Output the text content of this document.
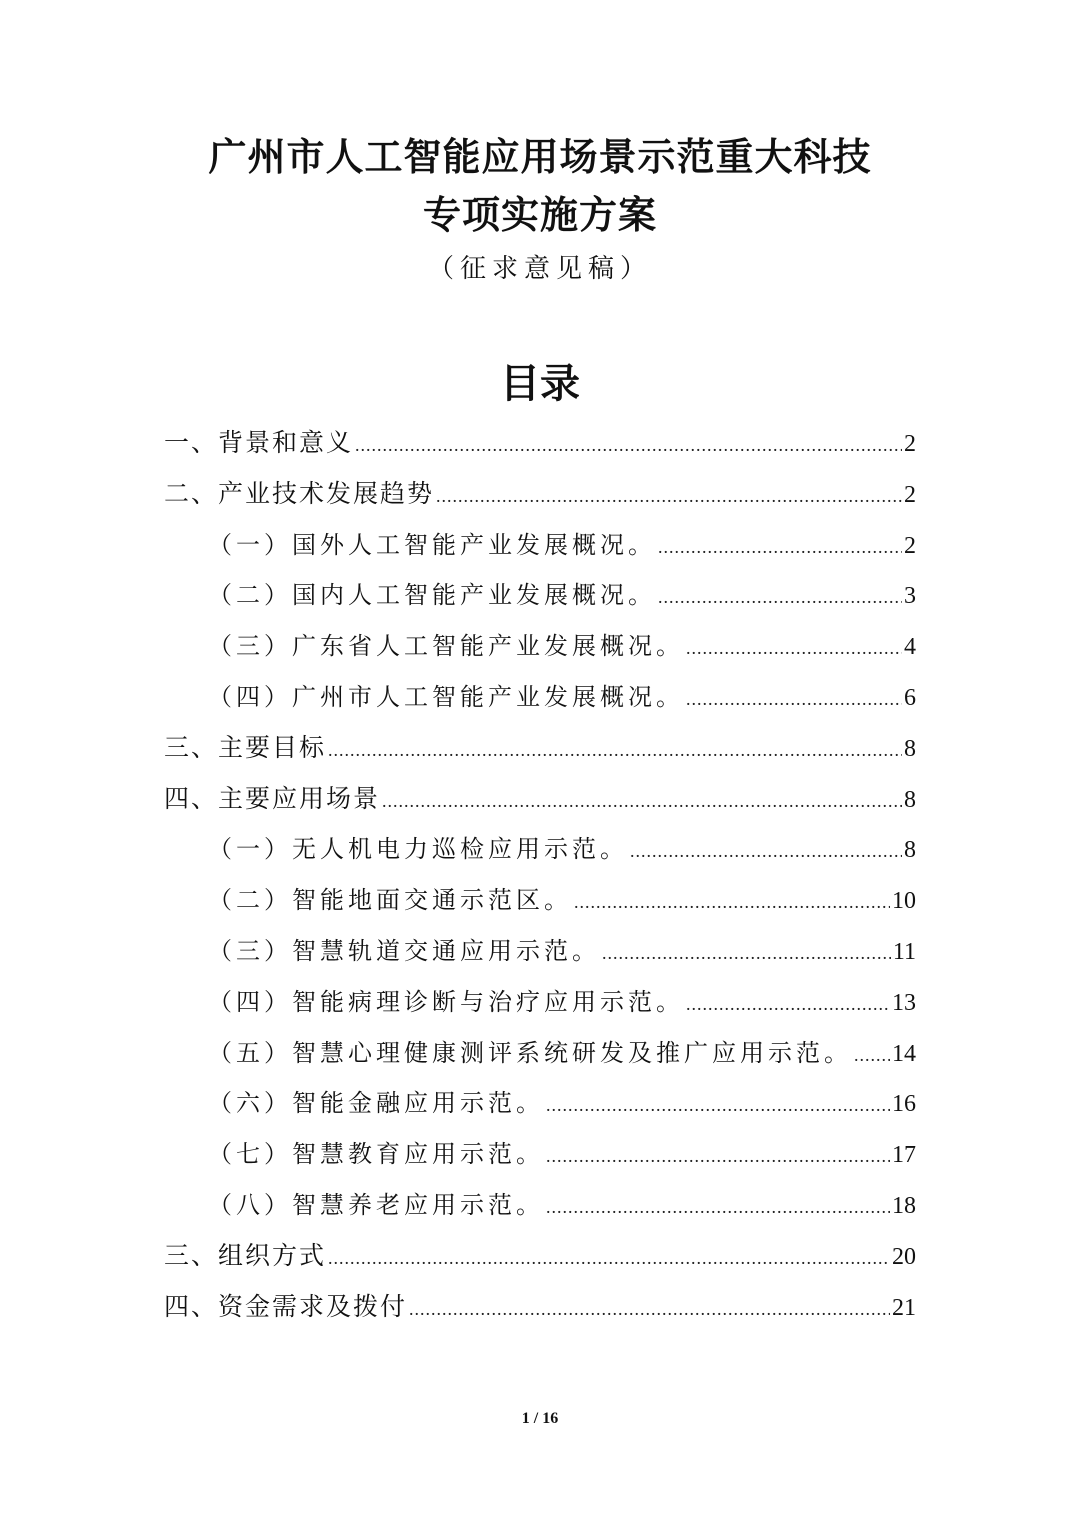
广州市人工智能应用场景示范重大科技
专项实施方案
（征求意见稿）
目录
一、背景和意义 .....	2
二、产业技术发展趋势 .....	2
（一）国外人工智能产业发展概况。 .....	2
（二）国内人工智能产业发展概况。 .....	3
（三）广东省人工智能产业发展概况。 .....	4
（四）广州市人工智能产业发展概况。 .....	6
三、主要目标 .....	8
四、主要应用场景 .....	8
（一）无人机电力巡检应用示范。 .....	8
（二）智能地面交通示范区。 .....	10
（三）智慧轨道交通应用示范。 .....	11
（四）智能病理诊断与治疗应用示范。 .....	13
（五）智慧心理健康测评系统研发及推广应用示范。 ..... 14
（六）智能金融应用示范。 .....	16
（七）智慧教育应用示范。 .....	17
（八）智慧养老应用示范。 .....	18
三、组织方式 .....	20
四、资金需求及拨付 .....	21
1 / 16
